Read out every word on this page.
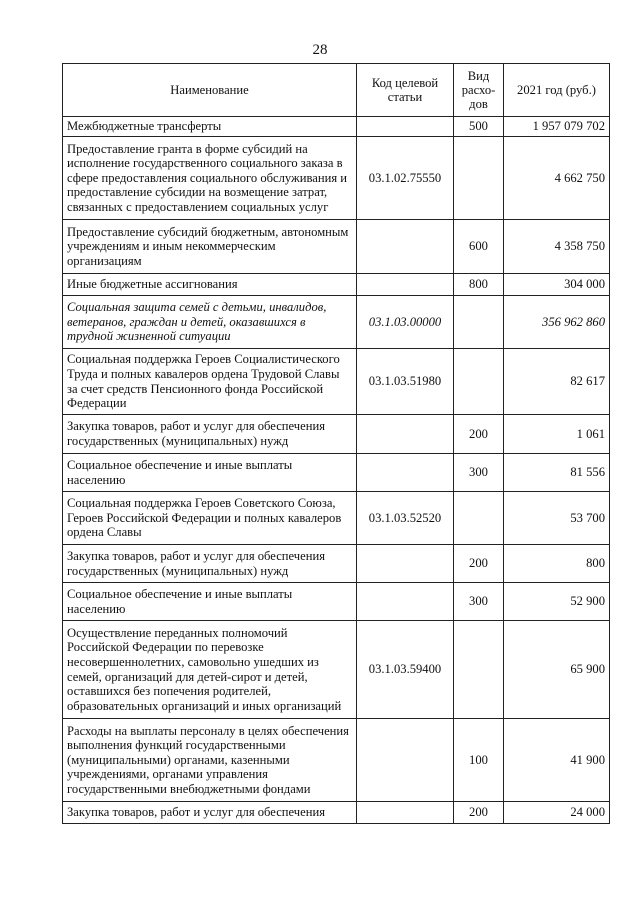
28
Наименование	Код целевой статьи	Вид расхо-дов	2021 год (руб.)
Межбюджетные трансферты		500	1 957 079 702
Предоставление гранта в форме субсидий на исполнение государственного социального заказа в сфере предоставления социального обслуживания и предоставление субсидии на возмещение затрат, связанных с предоставлением социальных услуг	03.1.02.75550		4 662 750
Предоставление субсидий бюджетным, автономным учреждениям и иным некоммерческим организациям		600	4 358 750
Иные бюджетные ассигнования		800	304 000
Социальная защита семей с детьми, инвалидов, ветеранов, граждан и детей, оказавшихся в трудной жизненной ситуации	03.1.03.00000		356 962 860
Социальная поддержка Героев Социалистического Труда и полных кавалеров ордена Трудовой Славы за счет средств Пенсионного фонда Российской Федерации	03.1.03.51980		82 617
Закупка товаров, работ и услуг для обеспечения государственных (муниципальных) нужд		200	1 061
Социальное обеспечение и иные выплаты населению		300	81 556
Социальная поддержка Героев Советского Союза, Героев Российской Федерации и полных кавалеров ордена Славы	03.1.03.52520		53 700
Закупка товаров, работ и услуг для обеспечения государственных (муниципальных) нужд		200	800
Социальное обеспечение и иные выплаты населению		300	52 900
Осуществление переданных полномочий Российской Федерации по перевозке несовершеннолетних, самовольно ушедших из семей, организаций для детей-сирот и детей, оставшихся без попечения родителей, образовательных организаций и иных организаций	03.1.03.59400		65 900
Расходы на выплаты персоналу в целях обеспечения выполнения функций государственными (муниципальными) органами, казенными учреждениями, органами управления государственными внебюджетными фондами		100	41 900
Закупка товаров, работ и услуг для обеспечения		200	24 000
